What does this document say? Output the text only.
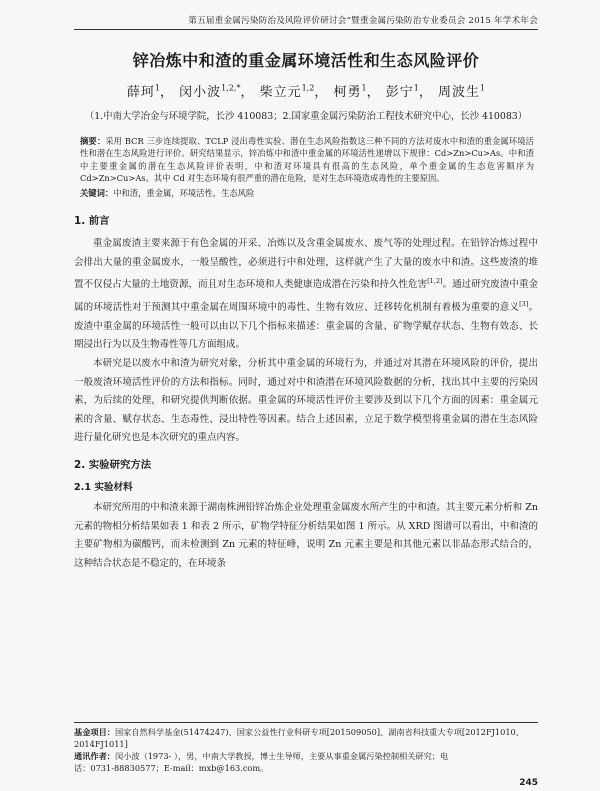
第五届重金属污染防治及风险评价研讨会”暨重金属污染防治专业委员会 2015 年学术年会
锌冶炼中和渣的重金属环境活性和生态风险评价
薛珂$^1$， 闵小波$^{1,2,*}$， 柴立元$^{1,2}$， 柯勇$^1$， 彭宁$^1$， 周波生$^1$
（1.中南大学冶金与环境学院，长沙 410083；2.国家重金属污染防治工程技术研究中心，长沙 410083）
摘要：采用 BCR 三步连续提取、TCLP 浸出毒性实验、潜在生态风险指数这三种不同的方法对废水中和渣的重金属环境活性和潜在生态风险进行评价。研究结果显示，锌冶炼中和渣中重金属的环境活性递增以下规律：Cd>Zn>Cu>As。中和渣中主要重金属的潜在生态风险评价表明，中和渣对环境具有很高的生态风险，单个重金属的生态危害顺序为 Cd>Zn>Cu>As。其中 Cd 对生态环境有很严重的潜在危险，是对生态环境造成毒性的主要原因。
关键词：中和渣，重金属，环境活性，生态风险
1. 前言

重金属废渣主要来源于有色金属的开采、冶炼以及含重金属废水、废气等的处理过程。在铅锌冶炼过程中会排出大量的重金属废水，一般呈酸性，必须进行中和处理，这样就产生了大量的废水中和渣。这些废渣的堆置不仅侵占大量的土地资源，而且对生态环境和人类健康造成潜在污染和持久性危害[1,2]。通过研究废渣中重金属的环境活性对于预测其中重金属在周围环境中的毒性、生物有效应、迁移转化机制有着极为重要的意义[3]。废渣中重金属的环境活性一般可以由以下几个指标来描述：重金属的含量、矿物学赋存状态、生物有效态、长期浸出行为以及生物毒性等几方面组成。

本研究是以废水中和渣为研究对象，分析其中重金属的环境行为，并通过对其潜在环境风险的评价，提出一般废渣环境活性评价的方法和指标。同时，通过对中和渣潜在环境风险数据的分析，找出其中主要的污染因素，为后续的处理，和研究提供判断依据。重金属的环境活性评价主要涉及到以下几个方面的因素：重金属元素的含量、赋存状态、生态毒性、浸出特性等因素。结合上述因素，立足于数学模型将重金属的潜在生态风险进行量化研究也是本次研究的重点内容。

2. 实验研究方法
2.1 实验材料

本研究所用的中和渣来源于湖南株洲铅锌冶炼企业处理重金属废水所产生的中和渣。其主要元素分析和 Zn 元素的物相分析结果如表 1 和表 2 所示，矿物学特征分析结果如图 1 所示。从 XRD 图谱可以看出，中和渣的主要矿物相为碳酸钙，而未检测到 Zn 元素的特征峰，说明 Zn 元素主要是和其他元素以非晶态形式结合的，这种结合状态是不稳定的，在环境条

基金项目：国家自然科学基金(51474247)、国家公益性行业科研专项[201509050]、湖南省科技重大专项[2012FJ1010、2014FJ1011]

通讯作者：闵小波（1973- ），男，中南大学教授，博士生导师，主要从事重金属污染控制相关研究；电

话：0731-88830577；E-mail：mxb@163.com。

245
